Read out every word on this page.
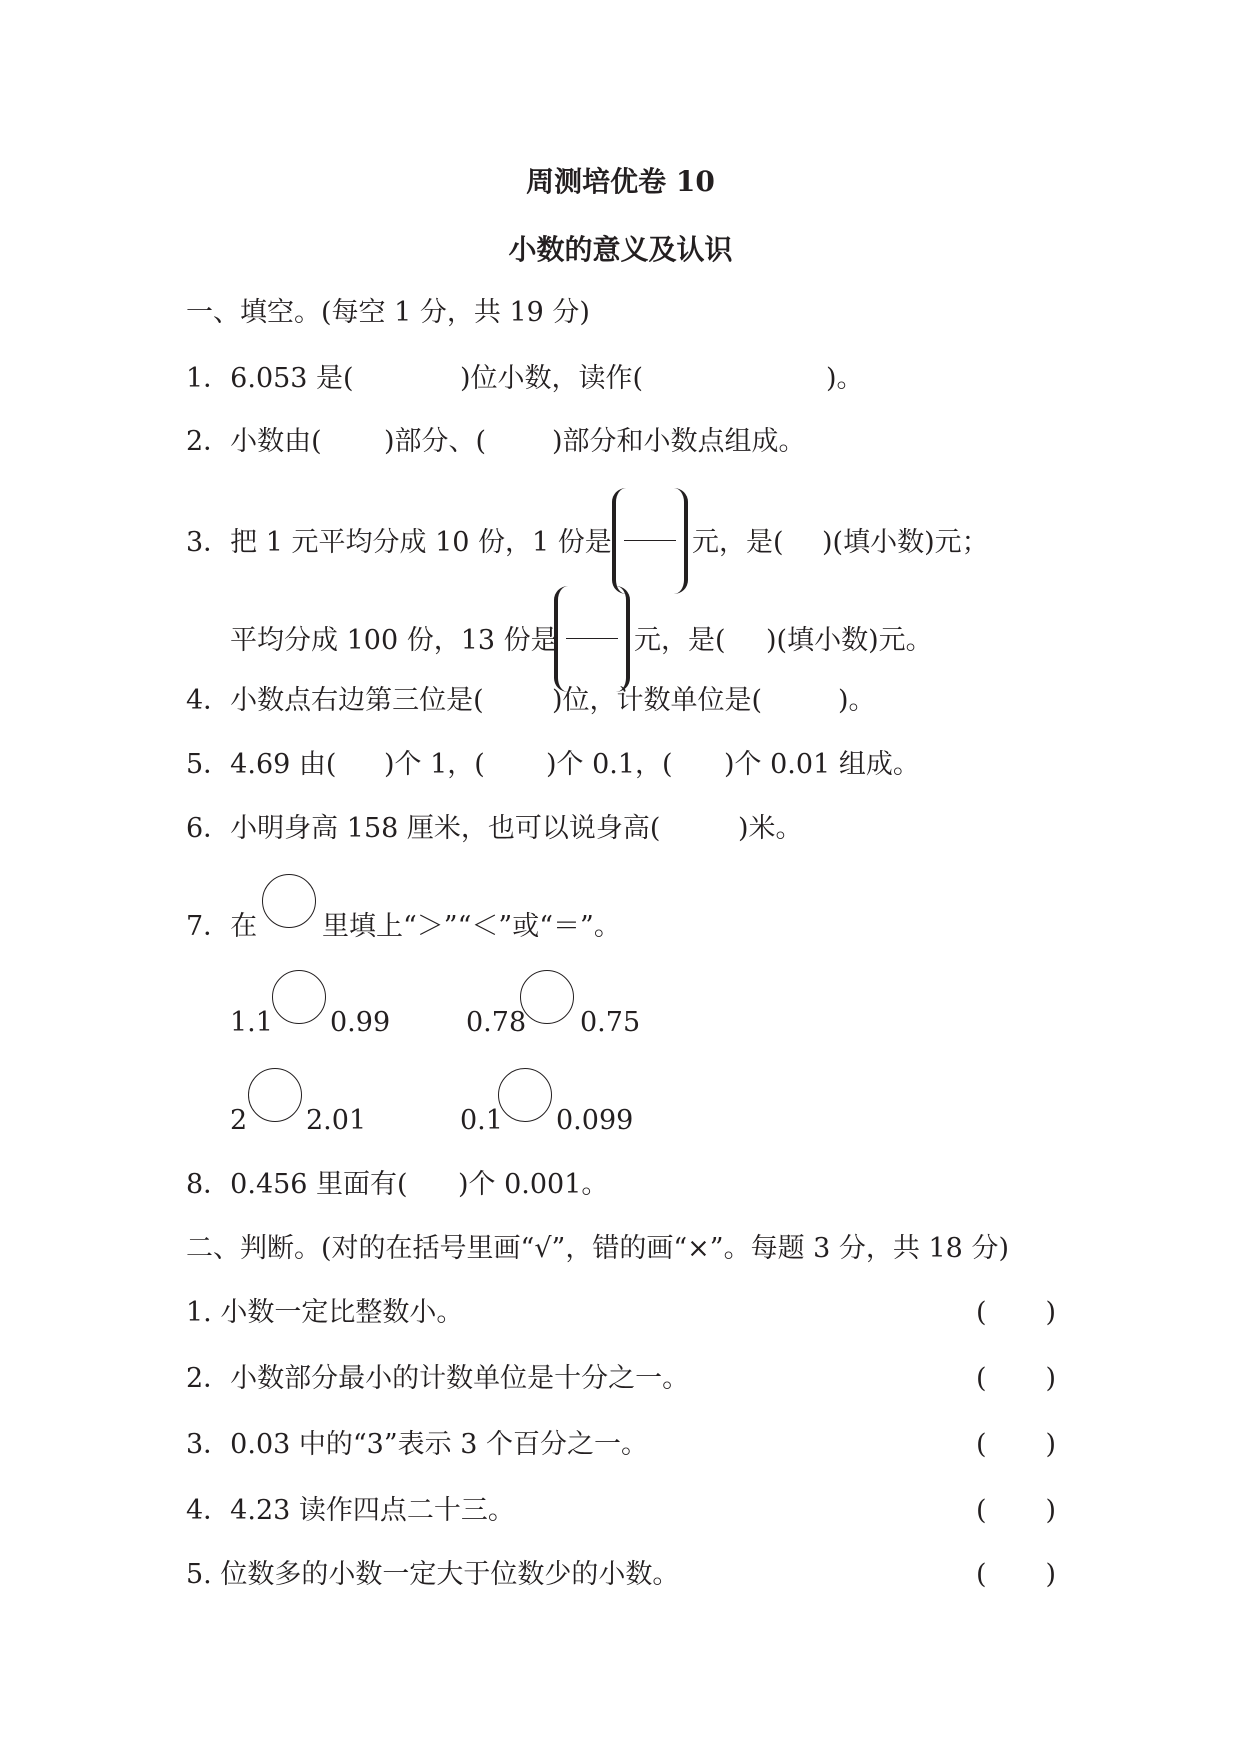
周测培优卷 10
小数的意义及认识
一、填空。(每空 1 分，共 19 分)
1．6.053 是(	)位小数，读作(	)。
2．小数由( )部分、( )部分和小数点组成。
3．把 1 元平均分成 10 份，1 份是	元，是( )(填小数)元；
平均分成 100 份，13 份是	元，是( )(填小数)元。
4．小数点右边第三位是(	)位，计数单位是(	)。
5．4.69 由( )个 1，( )个 0.1，( )个 0.01 组成。
6．小明身高 158 厘米，也可以说身高(	)米。
7．在 里填上“＞”“＜”或“＝”。
1.1 0.99	0.78 0.75
2 2.01	0.1 0.099
8．0.456 里面有( )个 0.001。
二、判断。(对的在括号里画“√”，错的画“×”。每题 3 分，共 18 分)
1. 小数一定比整数小。	( )
2．小数部分最小的计数单位是十分之一。	( )
3．0.03 中的“3”表示 3 个百分之一。	( )
4．4.23 读作四点二十三。	( )
5. 位数多的小数一定大于位数少的小数。	( )
